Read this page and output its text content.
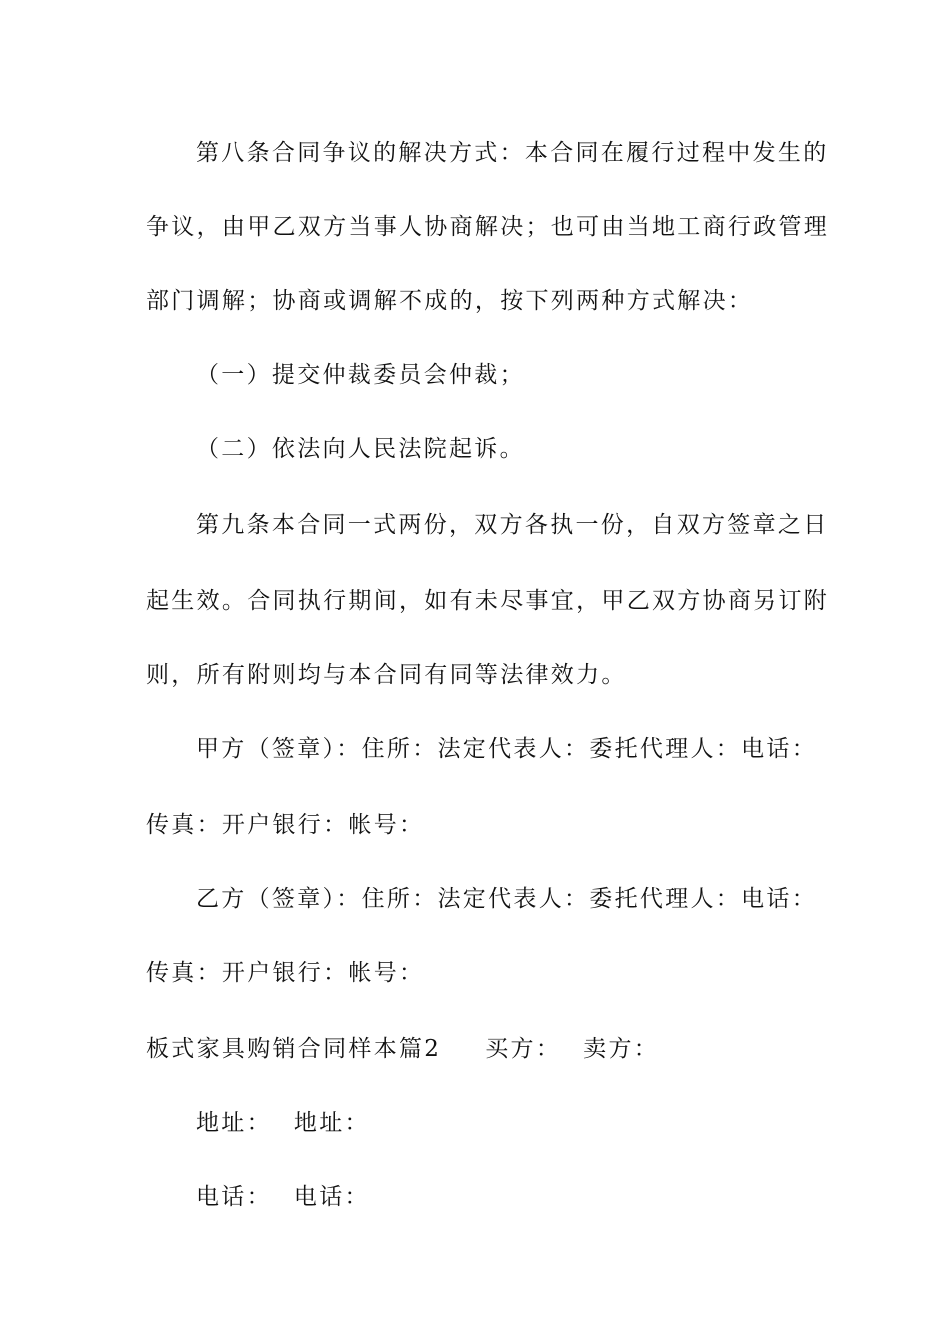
第八条合同争议的解决方式：本合同在履行过程中发生的
争议，由甲乙双方当事人协商解决；也可由当地工商行政管理
部门调解；协商或调解不成的，按下列两种方式解决：
（一）提交仲裁委员会仲裁；
（二）依法向人民法院起诉。
第九条本合同一式两份，双方各执一份，自双方签章之日
起生效。合同执行期间，如有未尽事宜，甲乙双方协商另订附
则，所有附则均与本合同有同等法律效力。
甲方（签章）：住所：法定代表人：委托代理人：电话：
传真：开户银行：帐号：
乙方（签章）：住所：法定代表人：委托代理人：电话：
传真：开户银行：帐号：
板式家具购销合同样本篇2 买方： 卖方：
地址： 地址：
电话： 电话：
